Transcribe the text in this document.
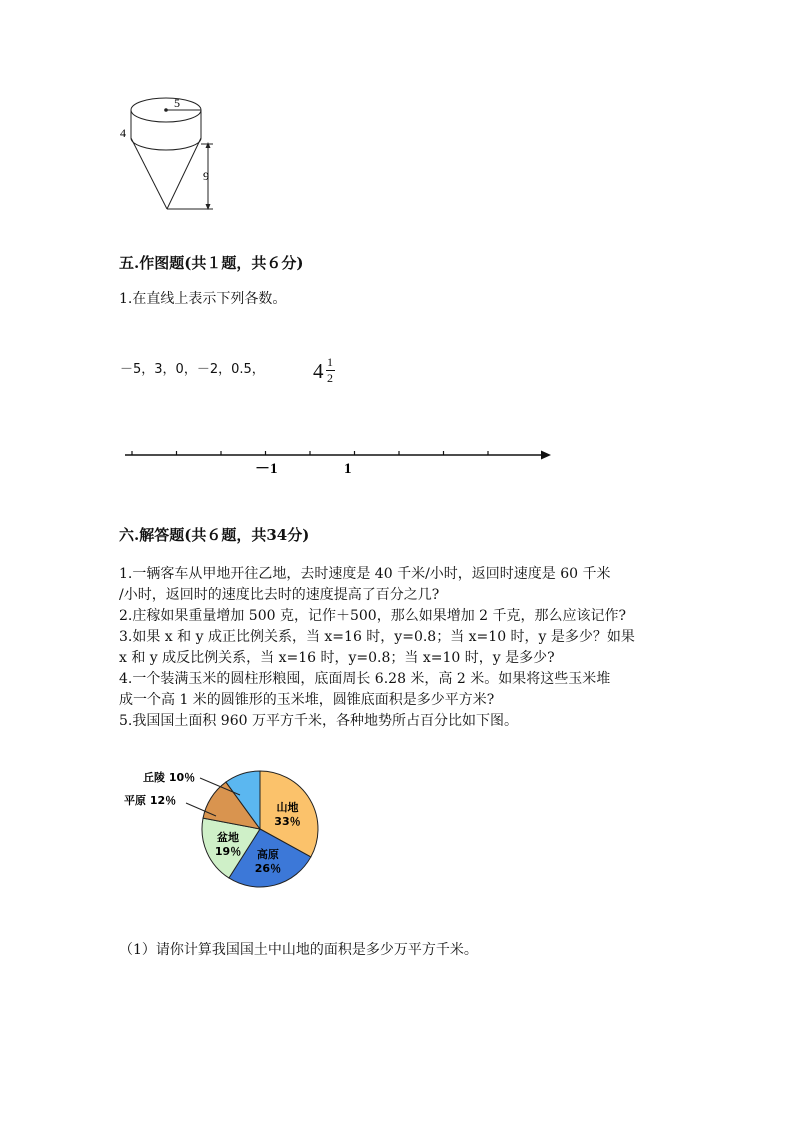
5
4
9
五.作图题(共１题，共６分)
1.在直线上表示下列各数。
－5，3，0，－2，0.5， 4 1
2
－1	1
六.解答题(共６题，共34分)
1.一辆客车从甲地开往乙地，去时速度是 40 千米/小时，返回时速度是 60 千米
/小时，返回时的速度比去时的速度提高了百分之几?
2.庄稼如果重量增加 500 克，记作＋500，那么如果增加 2 千克，那么应该记作?
3.如果 x 和 y 成正比例关系，当 x=16 时，y=0.8；当 x=10 时，y 是多少？如果
x 和 y 成反比例关系，当 x=16 时，y=0.8；当 x=10 时，y 是多少?
4.一个装满玉米的圆柱形粮囤，底面周长 6.28 米，高 2 米。如果将这些玉米堆
成一个高 1 米的圆锥形的玉米堆，圆锥底面积是多少平方米?
5.我国国土面积 960 万平方千米，各种地势所占百分比如下图。
山地
33％
高原
26％
盆地
19％
平原 12％
丘陵 10％
（1）请你计算我国国土中山地的面积是多少万平方千米。
